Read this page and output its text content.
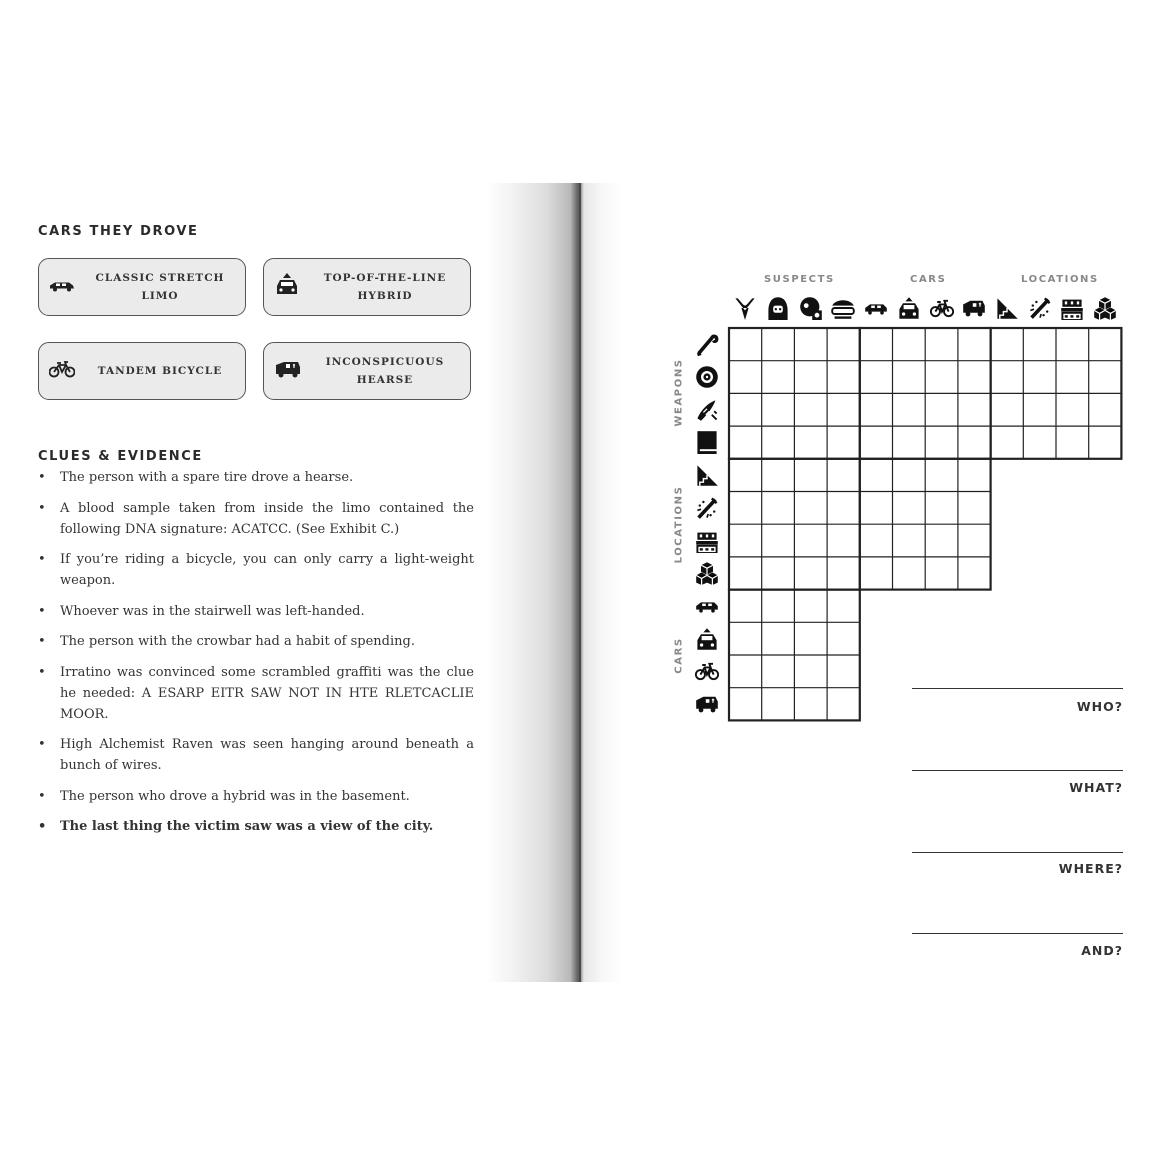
CARS THEY DROVE
CLASSIC STRETCH LIMO
TOP-OF-THE-LINE HYBRID
TANDEM BICYCLE
INCONSPICUOUS HEARSE
CLUES & EVIDENCE
• The person with a spare tire drove a hearse.
• A blood sample taken from inside the limo contained the following DNA signature: ACATCC. (See Exhibit C.)
• If you’re riding a bicycle, you can only carry a light-weight weapon.
• Whoever was in the stairwell was left-handed.
• The person with the crowbar had a habit of spending.
• Irratino was convinced some scrambled graffiti was the clue he needed: A ESARP EITR SAW NOT IN HTE RLETCACLIE MOOR.
• High Alchemist Raven was seen hanging around beneath a bunch of wires.
• The person who drove a hybrid was in the basement.
• The last thing the victim saw was a view of the city.
SUSPECTS	CARS	LOCATIONS
WEAPONS
LOCATIONS
CARS
WHO?
WHAT?
WHERE?
AND?
